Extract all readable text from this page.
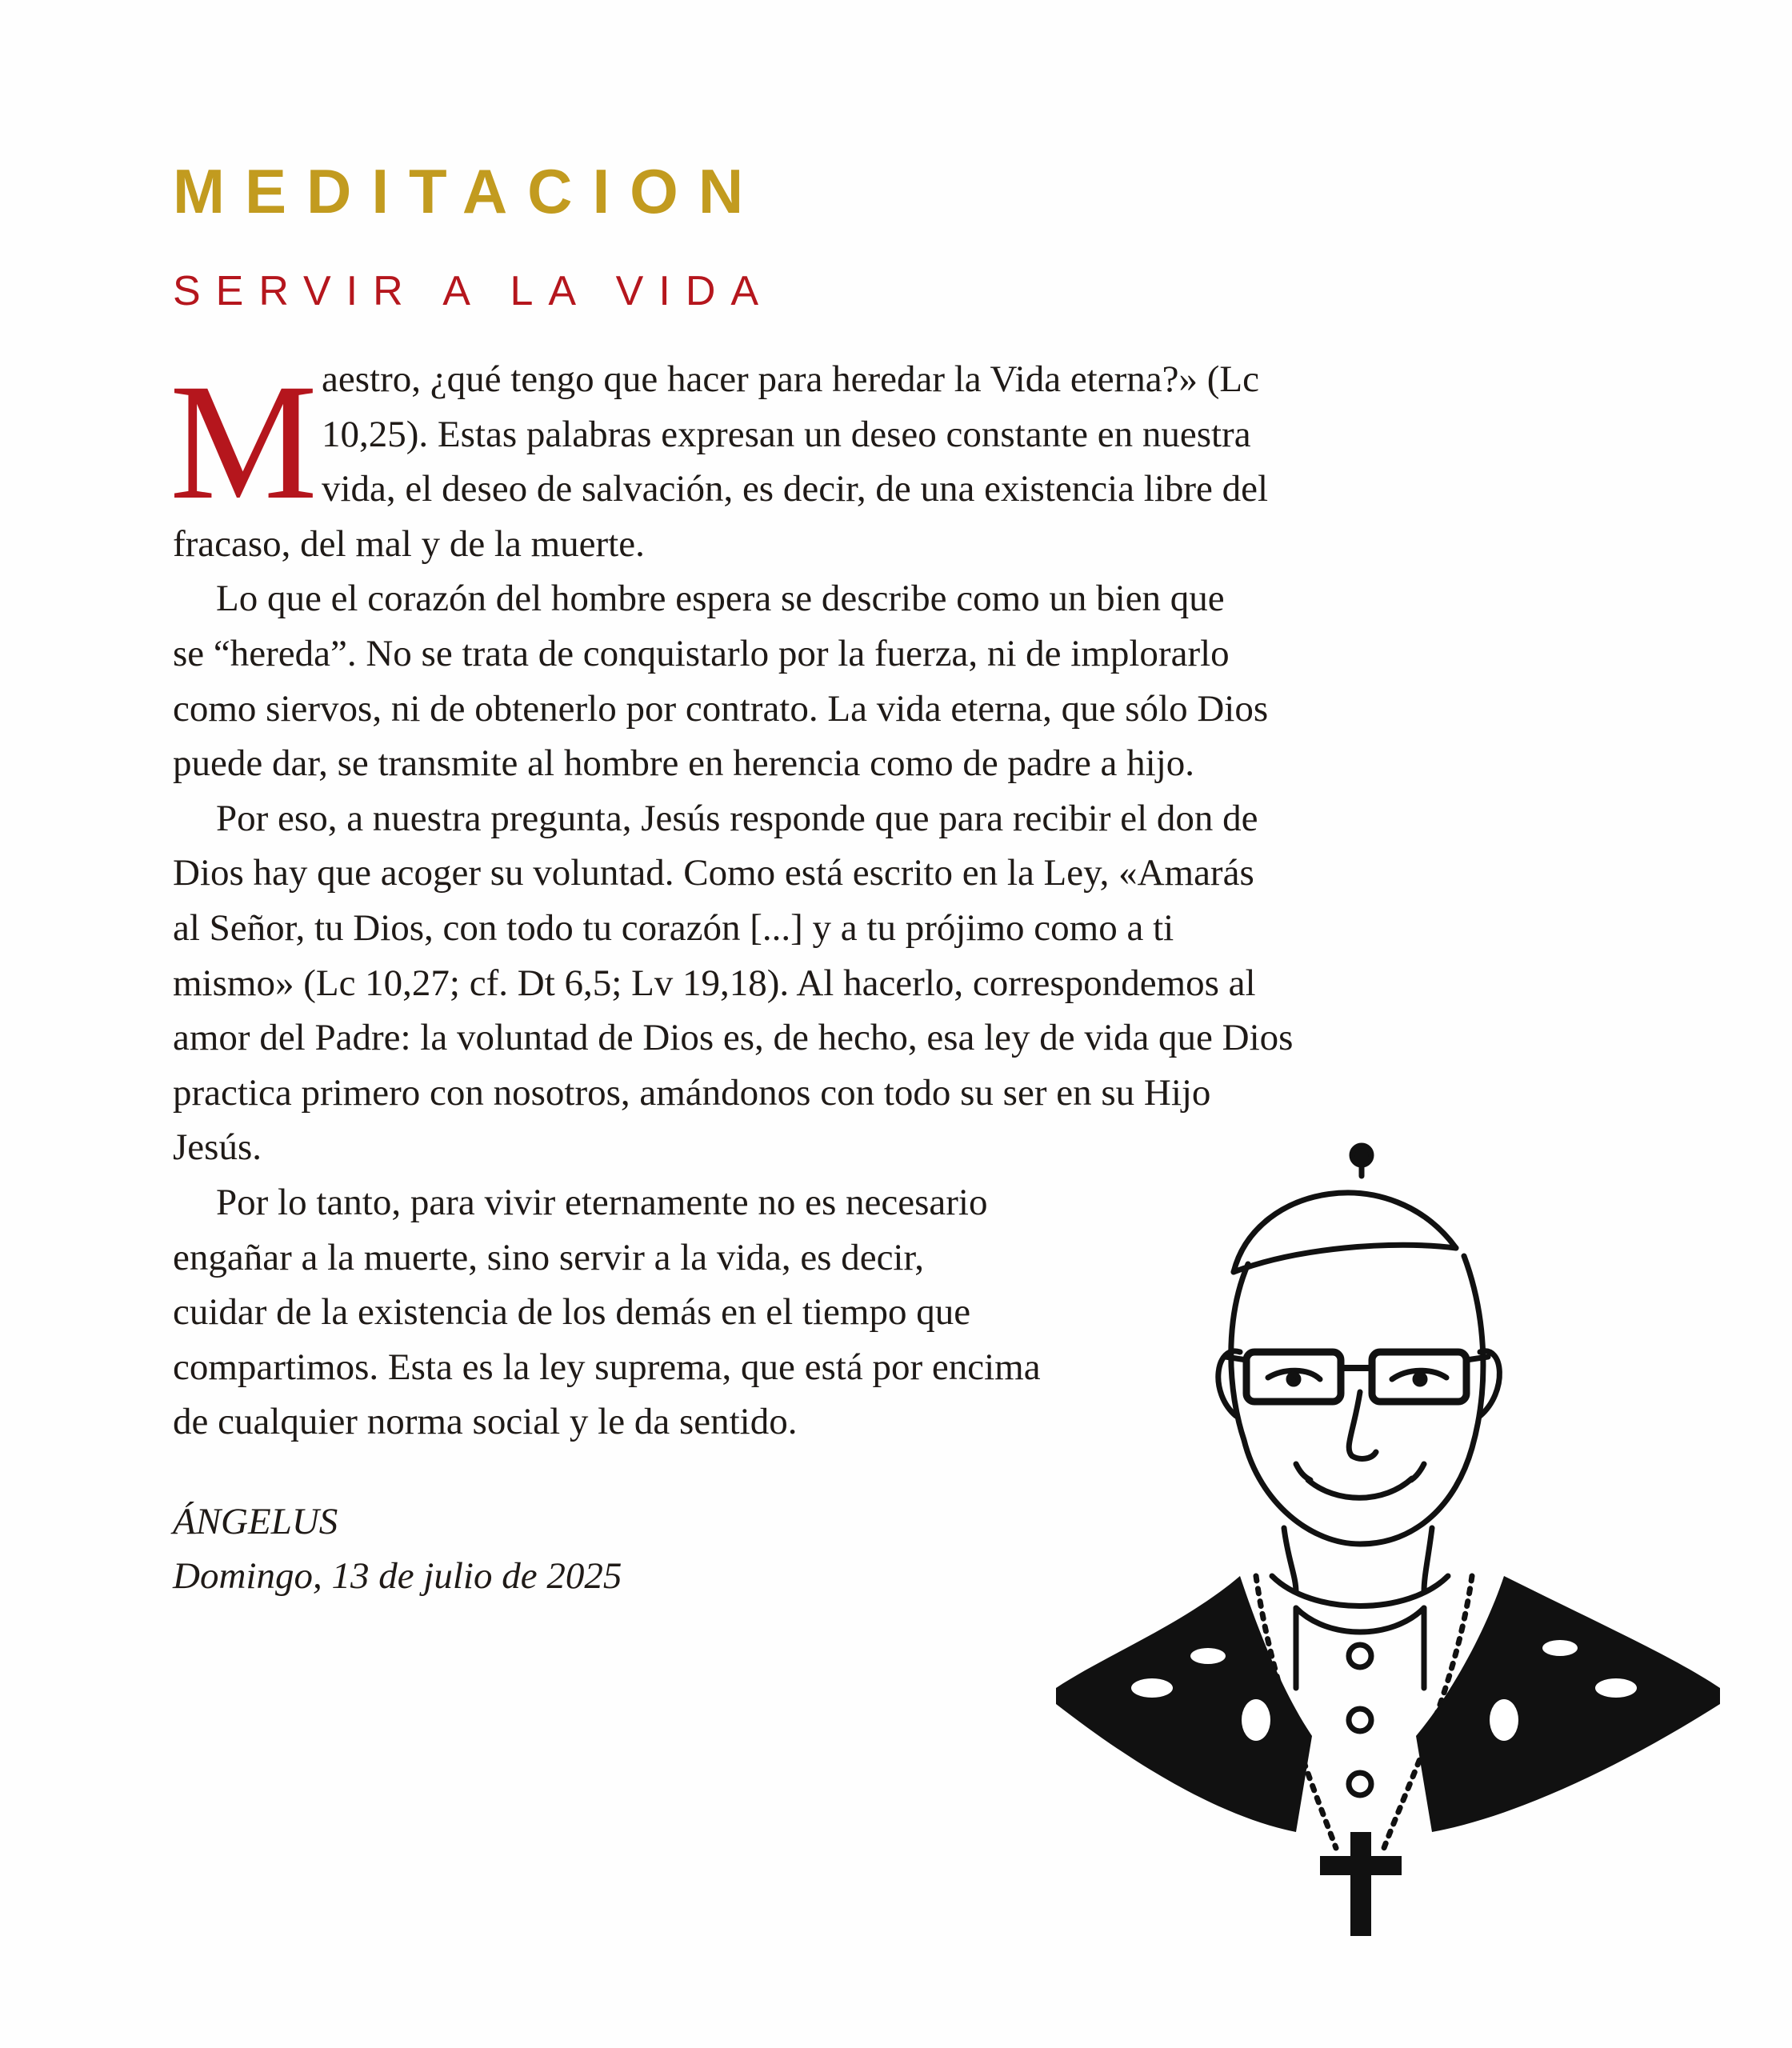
MEDITACION
SERVIR A LA VIDA
M aestro, ¿qué tengo que hacer para heredar la Vida eterna?» (Lc
10,25). Estas palabras expresan un deseo constante en nuestra
vida, el deseo de salvación, es decir, de una existencia libre del
fracaso, del mal y de la muerte.
Lo que el corazón del hombre espera se describe como un bien que
se “hereda”. No se trata de conquistarlo por la fuerza, ni de implorarlo
como siervos, ni de obtenerlo por contrato. La vida eterna, que sólo Dios
puede dar, se transmite al hombre en herencia como de padre a hijo.
Por eso, a nuestra pregunta, Jesús responde que para recibir el don de
Dios hay que acoger su voluntad. Como está escrito en la Ley, «Amarás
al Señor, tu Dios, con todo tu corazón [...] y a tu prójimo como a ti
mismo» (Lc 10,27; cf. Dt 6,5; Lv 19,18). Al hacerlo, correspondemos al
amor del Padre: la voluntad de Dios es, de hecho, esa ley de vida que Dios
practica primero con nosotros, amándonos con todo su ser en su Hijo
Jesús.
Por lo tanto, para vivir eternamente no es necesario
engañar a la muerte, sino servir a la vida, es decir,
cuidar de la existencia de los demás en el tiempo que
compartimos. Esta es la ley suprema, que está por encima
de cualquier norma social y le da sentido.
ÁNGELUS
Domingo, 13 de julio de 2025
